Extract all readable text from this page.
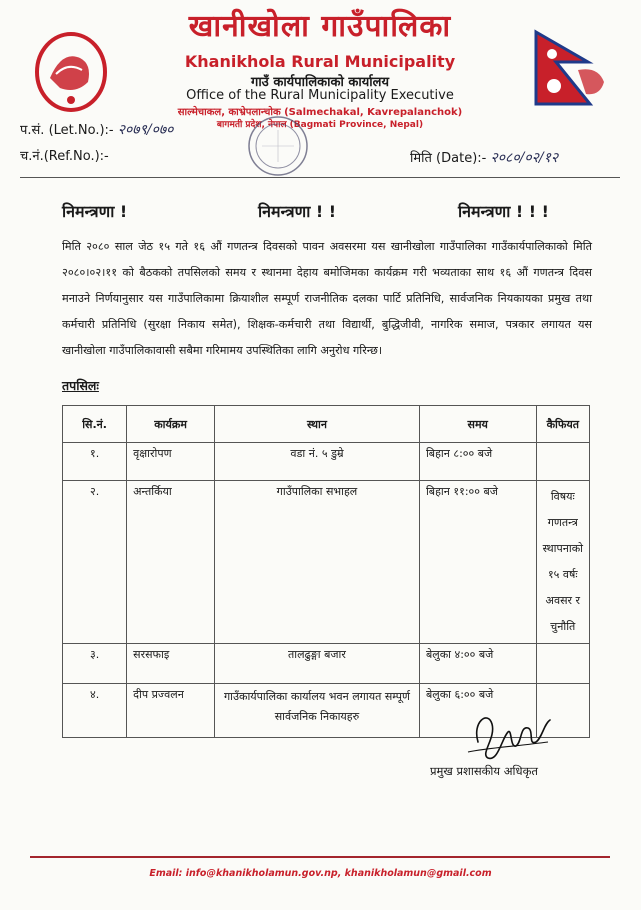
खानीखोला गाउँपालिका
Khanikhola Rural Municipality
गाउँ कार्यपालिकाको कार्यालय
Office of the Rural Municipality Executive
साल्मेचाकल, काभ्रेपलान्चोक (Salmechakal, Kavrepalanchok)
बागमती प्रदेश, नेपाल (Bagmati Province, Nepal)
प.सं. (Let.No.):- २०७९/०७०
च.नं.(Ref.No.):-	मिति (Date):- २०८०/०२/१२
निमन्त्रणा !	निमन्त्रणा ! !	निमन्त्रणा ! ! !
मिति २०८० साल जेठ १५ गते १६ औं गणतन्त्र दिवसको पावन अवसरमा यस खानीखोला गाउँपालिका गाउँकार्यपालिकाको मिति २०८०।०२।११ को बैठकको तपसिलको समय र स्थानमा देहाय बमोजिमका कार्यक्रम गरी भव्यताका साथ १६ औं गणतन्त्र दिवस मनाउने निर्णयानुसार यस गाउँपालिकामा क्रियाशील सम्पूर्ण राजनीतिक दलका पार्टि प्रतिनिधि, सार्वजनिक नियकायका प्रमुख तथा कर्मचारी प्रतिनिधि (सुरक्षा निकाय समेत), शिक्षक-कर्मचारी तथा विद्यार्थी, बुद्धिजीवी, नागरिक समाज, पत्रकार लगायत यस खानीखोला गाउँपालिकावासी सबैमा गरिमामय उपस्थितिका लागि अनुरोध गरिन्छ।
तपसिलः
सि.नं.	कार्यक्रम	स्थान	समय	कैफियत
१.	वृक्षारोपण	वडा नं. ५ डुम्रे	बिहान ८:०० बजे	
२.	अन्तर्किया	गाउँपालिका सभाहल	बिहान ११:०० बजे	विषयः गणतन्त्र स्थापनाको १५ वर्षः अवसर र चुनौति
३.	सरसफाइ	तालढुङ्गा बजार	बेलुका ४:०० बजे	
४.	दीप प्रज्वलन	गाउँकार्यपालिका कार्यालय भवन लगायत सम्पूर्ण सार्वजनिक निकायहरु	बेलुका ६:०० बजे	
प्रमुख प्रशासकीय अधिकृत
Email: info@khanikholamun.gov.np, khanikholamun@gmail.com
